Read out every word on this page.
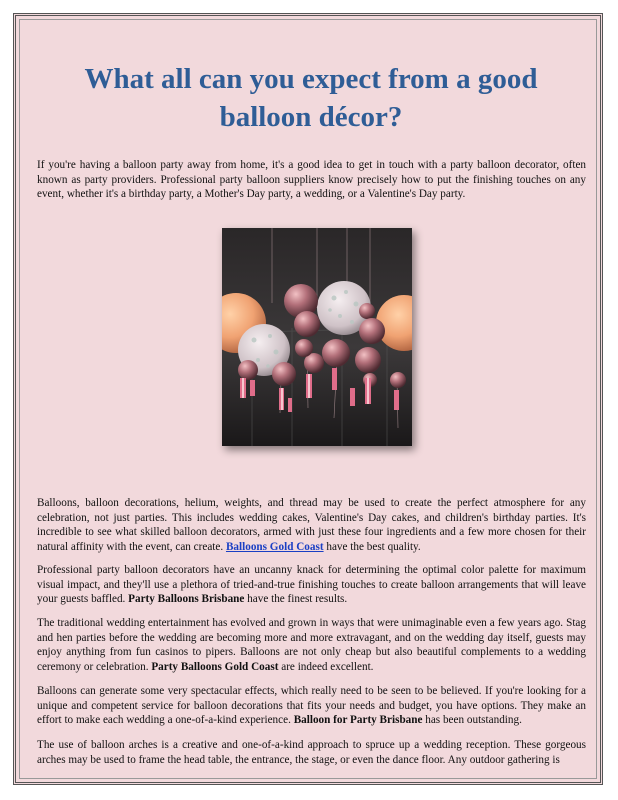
What all can you expect from a good balloon décor?

If you're having a balloon party away from home, it's a good idea to get in touch with a party balloon decorator, often known as party providers. Professional party balloon suppliers know precisely how to put the finishing touches on any event, whether it's a birthday party, a Mother's Day party, a wedding, or a Valentine's Day party.

Balloons, balloon decorations, helium, weights, and thread may be used to create the perfect atmosphere for any celebration, not just parties. This includes wedding cakes, Valentine's Day cakes, and children's birthday parties. It's incredible to see what skilled balloon decorators, armed with just these four ingredients and a few more chosen for their natural affinity with the event, can create. Balloons Gold Coast have the best quality.

Professional party balloon decorators have an uncanny knack for determining the optimal color palette for maximum visual impact, and they'll use a plethora of tried-and-true finishing touches to create balloon arrangements that will leave your guests baffled. Party Balloons Brisbane have the finest results.

The traditional wedding entertainment has evolved and grown in ways that were unimaginable even a few years ago. Stag and hen parties before the wedding are becoming more and more extravagant, and on the wedding day itself, guests may enjoy anything from fun casinos to pipers. Balloons are not only cheap but also beautiful complements to a wedding ceremony or celebration. Party Balloons Gold Coast are indeed excellent.

Balloons can generate some very spectacular effects, which really need to be seen to be believed. If you're looking for a unique and competent service for balloon decorations that fits your needs and budget, you have options. They make an effort to make each wedding a one-of-a-kind experience. Balloon for Party Brisbane has been outstanding.

The use of balloon arches is a creative and one-of-a-kind approach to spruce up a wedding reception. These gorgeous arches may be used to frame the head table, the entrance, the stage, or even the dance floor. Any outdoor gathering is
